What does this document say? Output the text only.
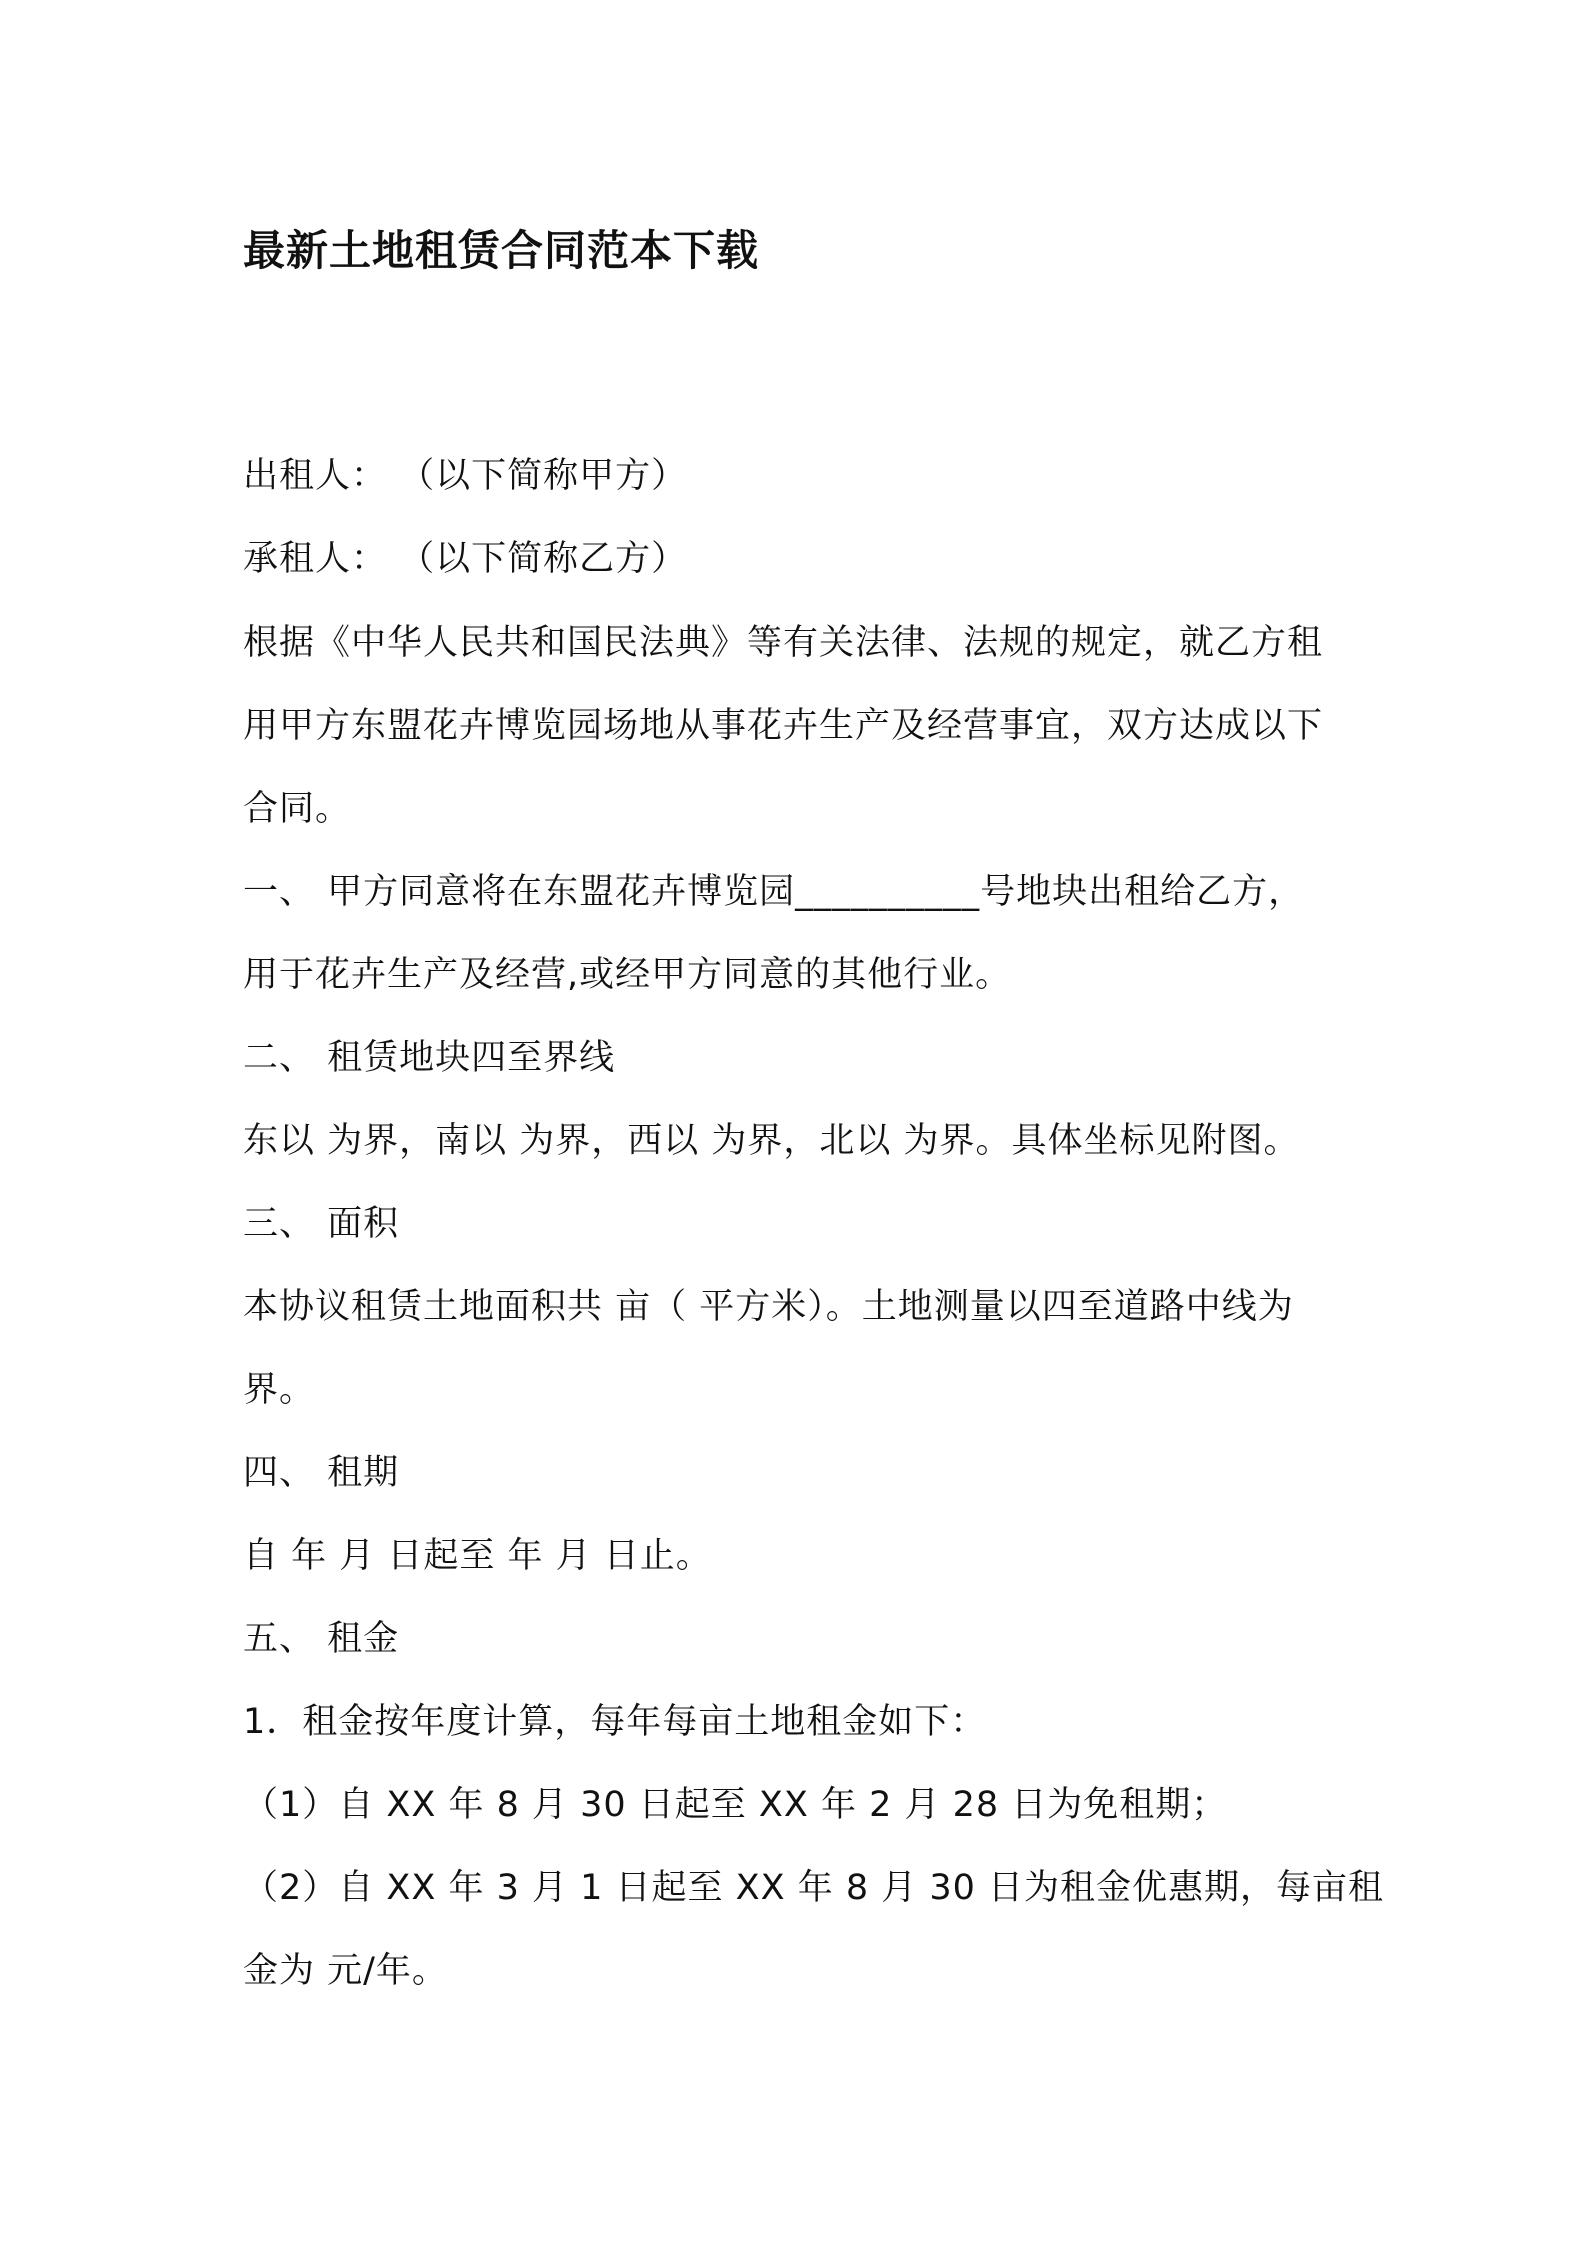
最新土地租赁合同范本下载
出租人： （以下简称甲方）
承租人： （以下简称乙方）
根据《中华人民共和国民法典》等有关法律、法规的规定，就乙方租
用甲方东盟花卉博览园场地从事花卉生产及经营事宜，双方达成以下
合同。
一、 甲方同意将在东盟花卉博览园__________号地块出租给乙方，
用于花卉生产及经营,或经甲方同意的其他行业。
二、 租赁地块四至界线
东以 为界，南以 为界，西以 为界，北以 为界。具体坐标见附图。
三、 面积
本协议租赁土地面积共 亩（ 平方米）。土地测量以四至道路中线为
界。
四、 租期
自 年 月 日起至 年 月 日止。
五、 租金
1．租金按年度计算，每年每亩土地租金如下：
（1）自 XX 年 8 月 30 日起至 XX 年 2 月 28 日为免租期；
（2）自 XX 年 3 月 1 日起至 XX 年 8 月 30 日为租金优惠期，每亩租
金为 元/年。
